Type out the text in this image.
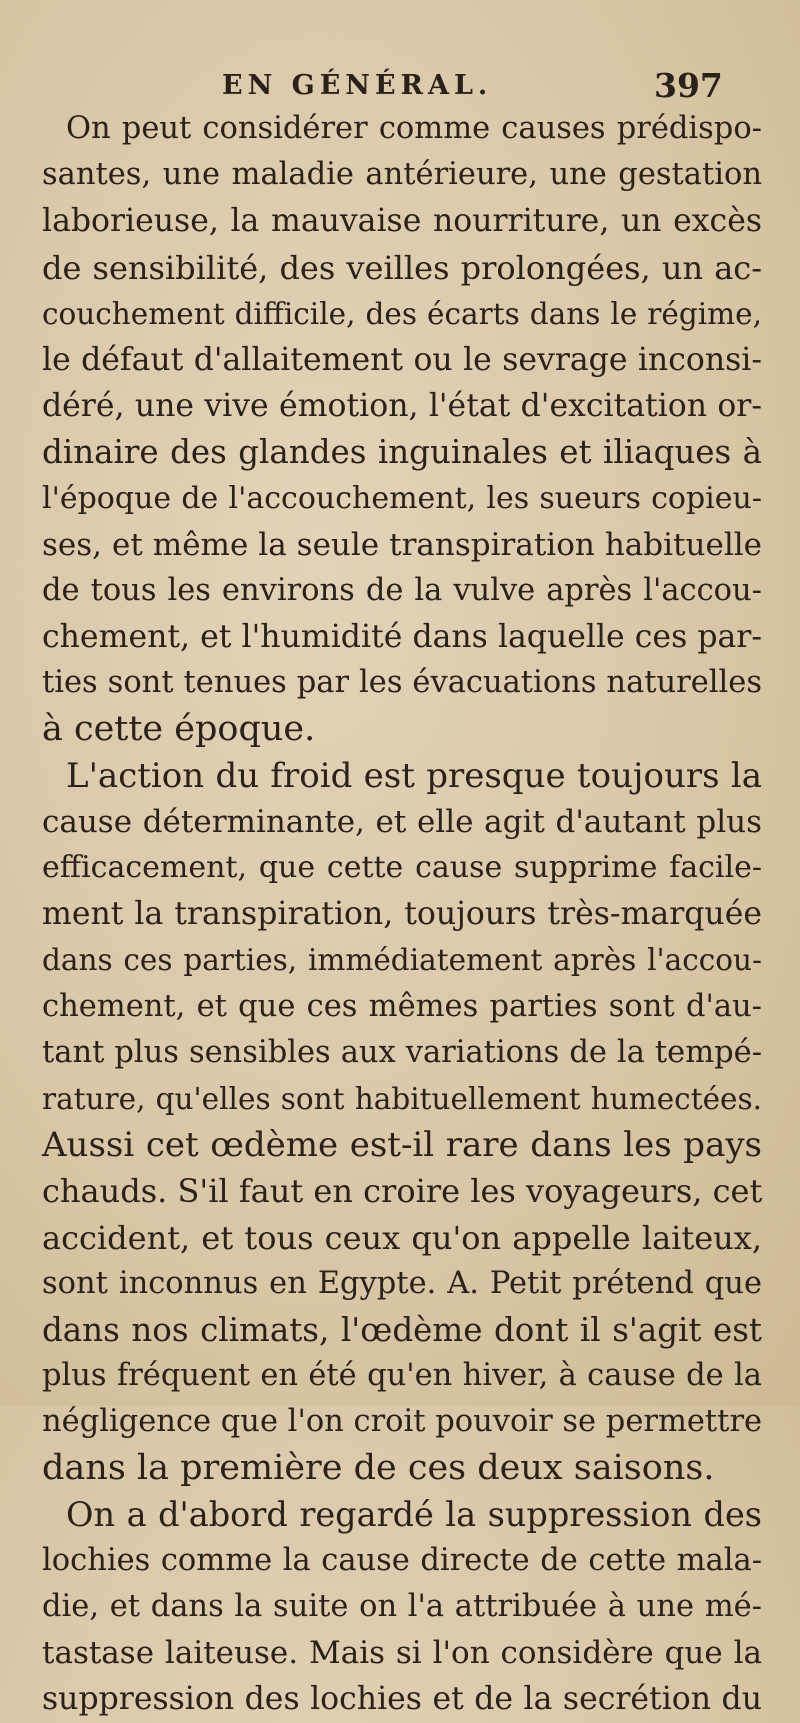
EN GÉNÉRAL.	397
On peut considérer comme causes prédispo-
santes, une maladie antérieure, une gestation
laborieuse, la mauvaise nourriture, un excès
de sensibilité, des veilles prolongées, un ac-
couchement difficile, des écarts dans le régime,
le défaut d'allaitement ou le sevrage inconsi-
déré, une vive émotion, l'état d'excitation or-
dinaire des glandes inguinales et iliaques à
l'époque de l'accouchement, les sueurs copieu-
ses, et même la seule transpiration habituelle
de tous les environs de la vulve après l'accou-
chement, et l'humidité dans laquelle ces par-
ties sont tenues par les évacuations naturelles
à cette époque.
L'action du froid est presque toujours la
cause déterminante, et elle agit d'autant plus
efficacement, que cette cause supprime facile-
ment la transpiration, toujours très-marquée
dans ces parties, immédiatement après l'accou-
chement, et que ces mêmes parties sont d'au-
tant plus sensibles aux variations de la tempé-
rature, qu'elles sont habituellement humectées.
Aussi cet œdème est-il rare dans les pays
chauds. S'il faut en croire les voyageurs, cet
accident, et tous ceux qu'on appelle laiteux,
sont inconnus en Egypte. A. Petit prétend que
dans nos climats, l'œdème dont il s'agit est
plus fréquent en été qu'en hiver, à cause de la
négligence que l'on croit pouvoir se permettre
dans la première de ces deux saisons.
On a d'abord regardé la suppression des
lochies comme la cause directe de cette mala-
die, et dans la suite on l'a attribuée à une mé-
tastase laiteuse. Mais si l'on considère que la
suppression des lochies et de la secrétion du
